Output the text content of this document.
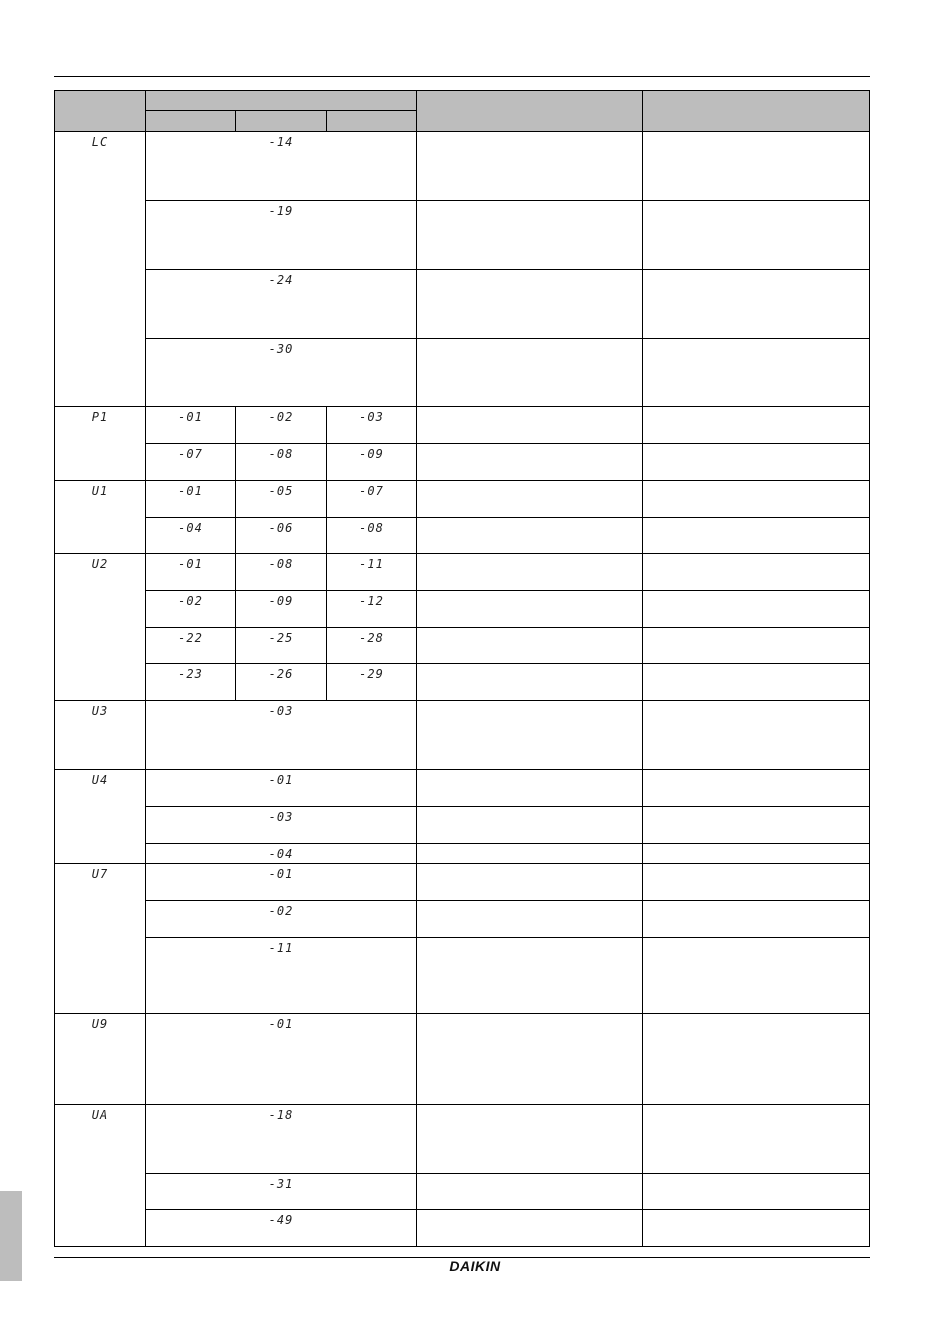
LC	-14				

	-19				

	-24				

	-30				

P1	-01	-02	-03		

	-07	-08	-09		

U1	-01	-05	-07		

	-04	-06	-08		

U2	-01	-08	-11		

	-02	-09	-12		

	-22	-25	-28		

	-23	-26	-29		

U3	-03				

U4	-01				

	-03				

	-04				

U7	-01				

	-02				

	-11				

U9	-01				

UA	-18				

	-31				

	-49				

DAIKIN
